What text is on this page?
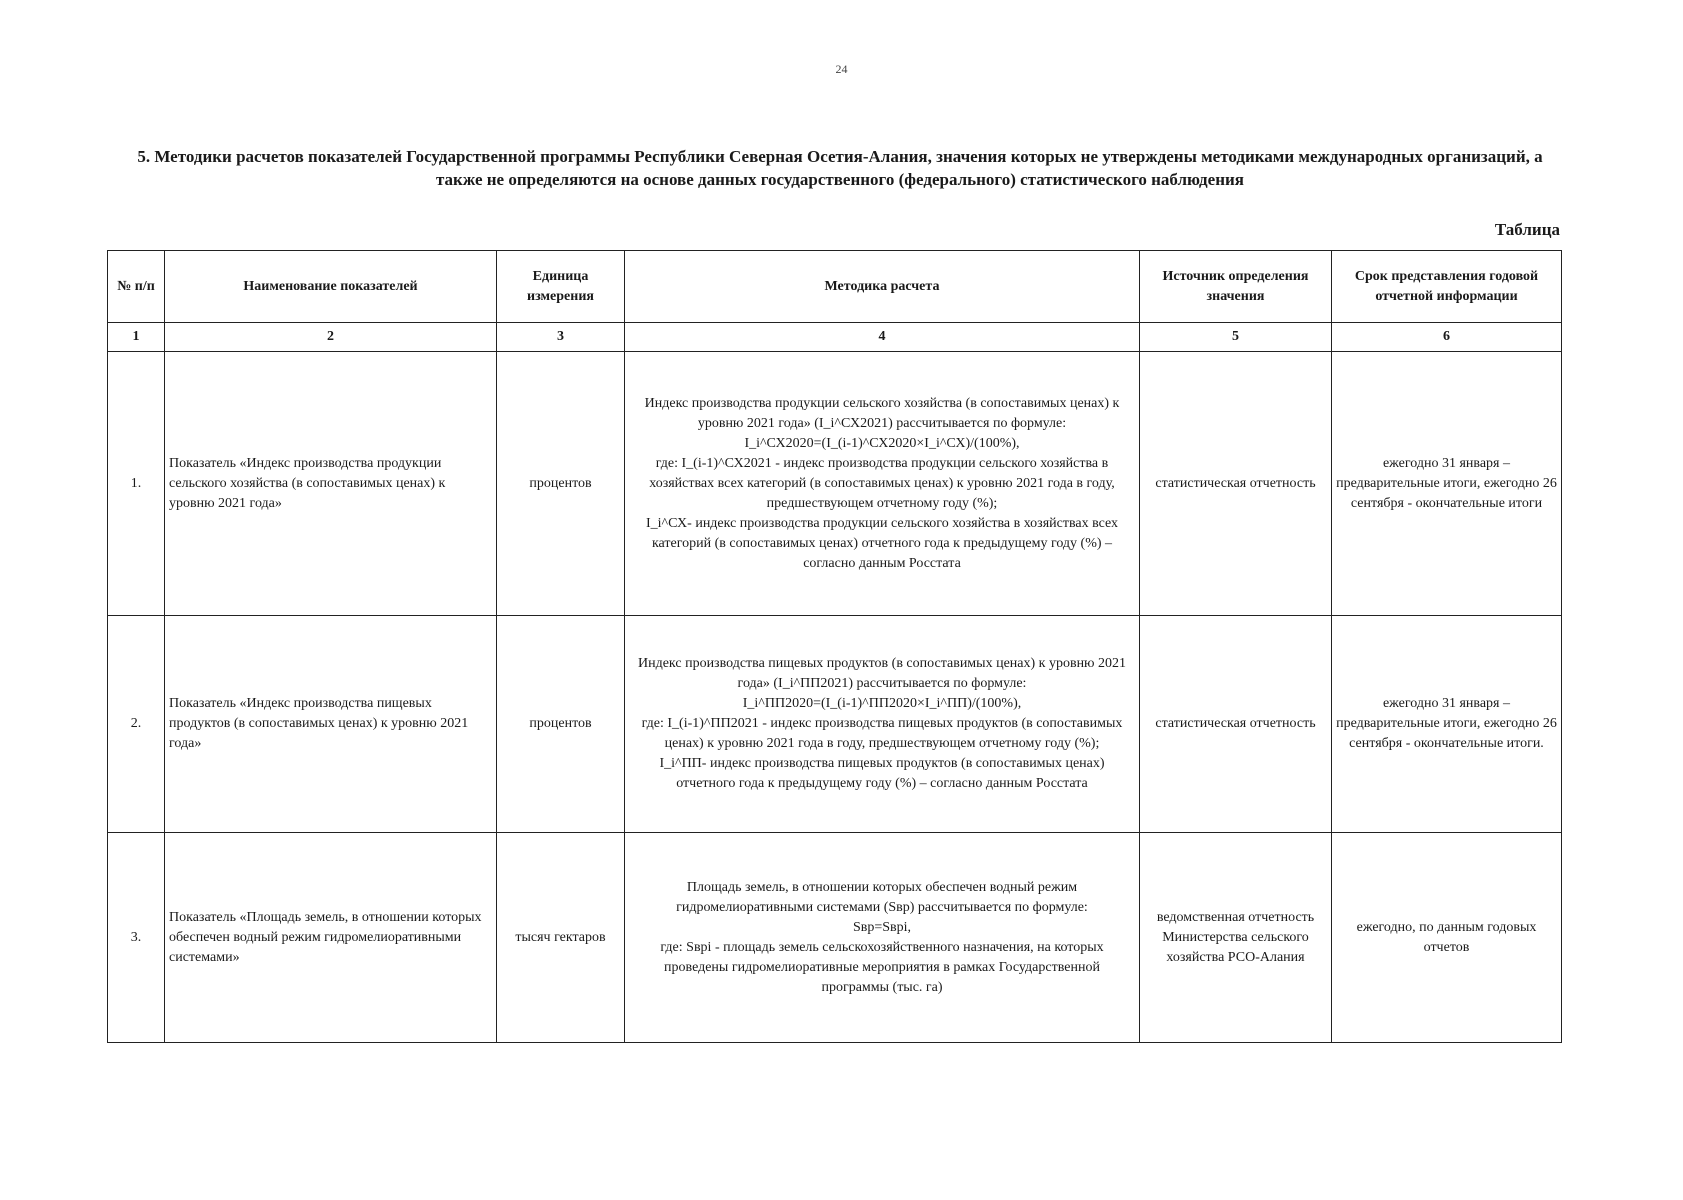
24
5. Методики расчетов показателей Государственной программы Республики Северная Осетия-Алания, значения которых не утверждены методиками международных организаций, а также не определяются на основе данных государственного (федерального) статистического наблюдения
Таблица
№ п/п	Наименование показателей	Единица измерения	Методика расчета	Источник определения значения	Срок представления годовой отчетной информации
1	2	3	4	5	6
1.	Показатель «Индекс производства продукции сельского хозяйства (в сопоставимых ценах) к уровню 2021 года»	процентов	Индекс производства продукции сельского хозяйства (в сопоставимых ценах) к уровню 2021 года» (I_i^СХ2021) рассчитывается по формуле:
I_i^СХ2020=(I_(i-1)^СХ2020×I_i^СХ)/(100%),
где: I_(i-1)^СХ2021 - индекс производства продукции сельского хозяйства в хозяйствах всех категорий (в сопоставимых ценах) к уровню 2021 года в году, предшествующем отчетному году (%);
I_i^СХ- индекс производства продукции сельского хозяйства в хозяйствах всех категорий (в сопоставимых ценах) отчетного года к предыдущему году (%) – согласно данным Росстата	статистическая отчетность	ежегодно 31 января – предварительные итоги, ежегодно 26 сентября - окончательные итоги
2.	Показатель «Индекс производства пищевых продуктов (в сопоставимых ценах) к уровню 2021 года»	процентов	Индекс производства пищевых продуктов (в сопоставимых ценах) к уровню 2021 года» (I_i^ПП2021) рассчитывается по формуле:
I_i^ПП2020=(I_(i-1)^ПП2020×I_i^ПП)/(100%),
где: I_(i-1)^ПП2021 - индекс производства пищевых продуктов (в сопоставимых ценах) к уровню 2021 года в году, предшествующем отчетному году (%);
I_i^ПП- индекс производства пищевых продуктов (в сопоставимых ценах) отчетного года к предыдущему году (%) – согласно данным Росстата	статистическая отчетность	ежегодно 31 января – предварительные итоги, ежегодно 26 сентября - окончательные итоги.
3.	Показатель «Площадь земель, в отношении которых обеспечен водный режим гидромелиоративными системами»	тысяч гектаров	Площадь земель, в отношении которых обеспечен водный режим гидромелиоративными системами (Sвр) рассчитывается по формуле:
Sвр=Sвpi,
где: Sвpi - площадь земель сельскохозяйственного назначения, на которых проведены гидромелиоративные мероприятия в рамках Государственной программы (тыс. га)	ведомственная отчетность Министерства сельского хозяйства РСО-Алания	ежегодно, по данным годовых отчетов
